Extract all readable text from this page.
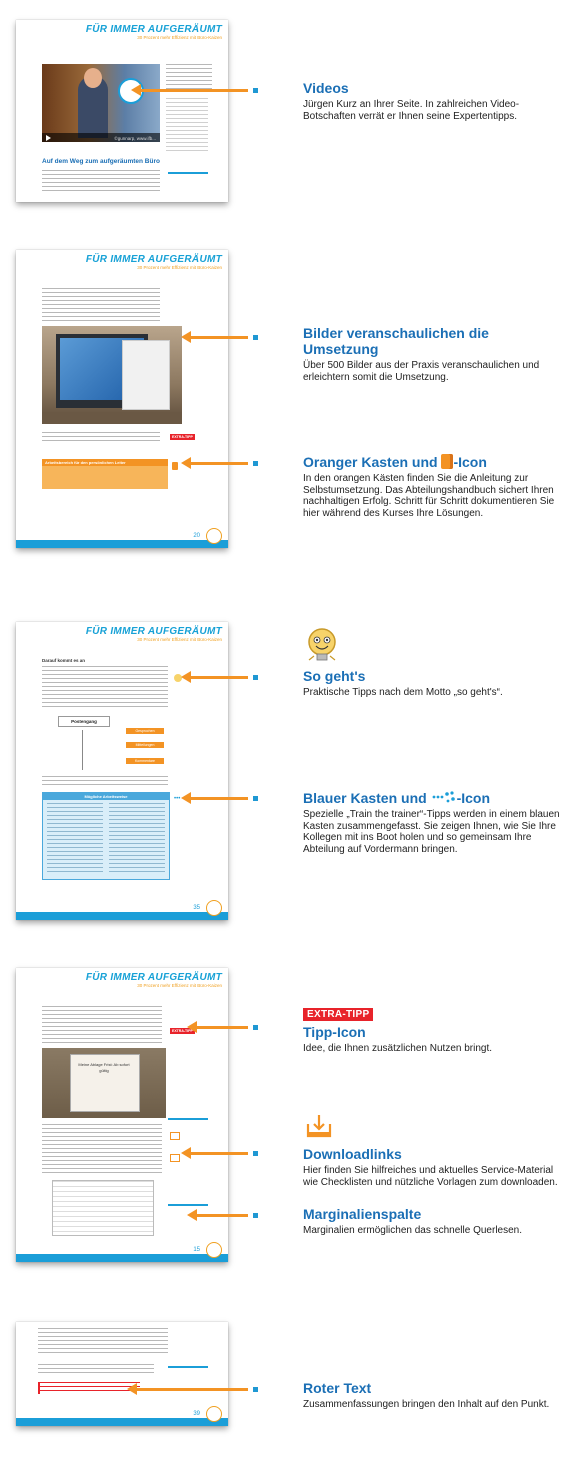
FÜR IMMER AUFGERÄUMT
30 Prozent mehr Effizienz mit Büro-Kaizen
©gunnarp, www.ifb...
Auf dem Weg zum aufgeräumten Büro
FÜR IMMER AUFGERÄUMT
30 Prozent mehr Effizienz mit Büro-Kaizen
EXTRA-TIPP
Arbeitsbereich für den persönlichen Leiter
20
FÜR IMMER AUFGERÄUMT
30 Prozent mehr Effizienz mit Büro-Kaizen
Darauf kommt es an
Postengang
Gesprochen
Mitteilungen
Kommentare
Mögliche Arbeitsweise	•••
35
FÜR IMMER AUFGERÄUMT
30 Prozent mehr Effizienz mit Büro-Kaizen
EXTRA-TIPP
Meine Ablage Frist: Ab sofort gültig
15
39
Videos
Jürgen Kurz an Ihrer Seite. In zahlreichen Video-Botschaften verrät er Ihnen seine Expertentipps.
Bilder veranschaulichen die Umsetzung
Über 500 Bilder aus der Praxis veranschaulichen und erleichtern somit die Umsetzung.
Oranger Kasten und -Icon
In den orangen Kästen finden Sie die Anleitung zur Selbstumsetzung. Das Abteilungshandbuch sichert Ihren nachhaltigen Erfolg. Schritt für Schritt dokumentieren Sie hier während des Kurses Ihre Lösungen.
So geht's
Praktische Tipps nach dem Motto „so geht's“.
Blauer Kasten und -Icon
Spezielle „Train the trainer“-Tipps werden in einem blauen Kasten zusammengefasst. Sie zeigen Ihnen, wie Sie Ihre Kollegen mit ins Boot holen und so gemeinsam Ihre Abteilung auf Vordermann bringen.
EXTRA-TIPP
Tipp-Icon
Idee, die Ihnen zusätzlichen Nutzen bringt.
Downloadlinks
Hier finden Sie hilfreiches und aktuelles Service-Material wie Checklisten und nützliche Vorlagen zum downloaden.
Marginalienspalte
Marginalien ermöglichen das schnelle Querlesen.
Roter Text
Zusammenfassungen bringen den Inhalt auf den Punkt.
